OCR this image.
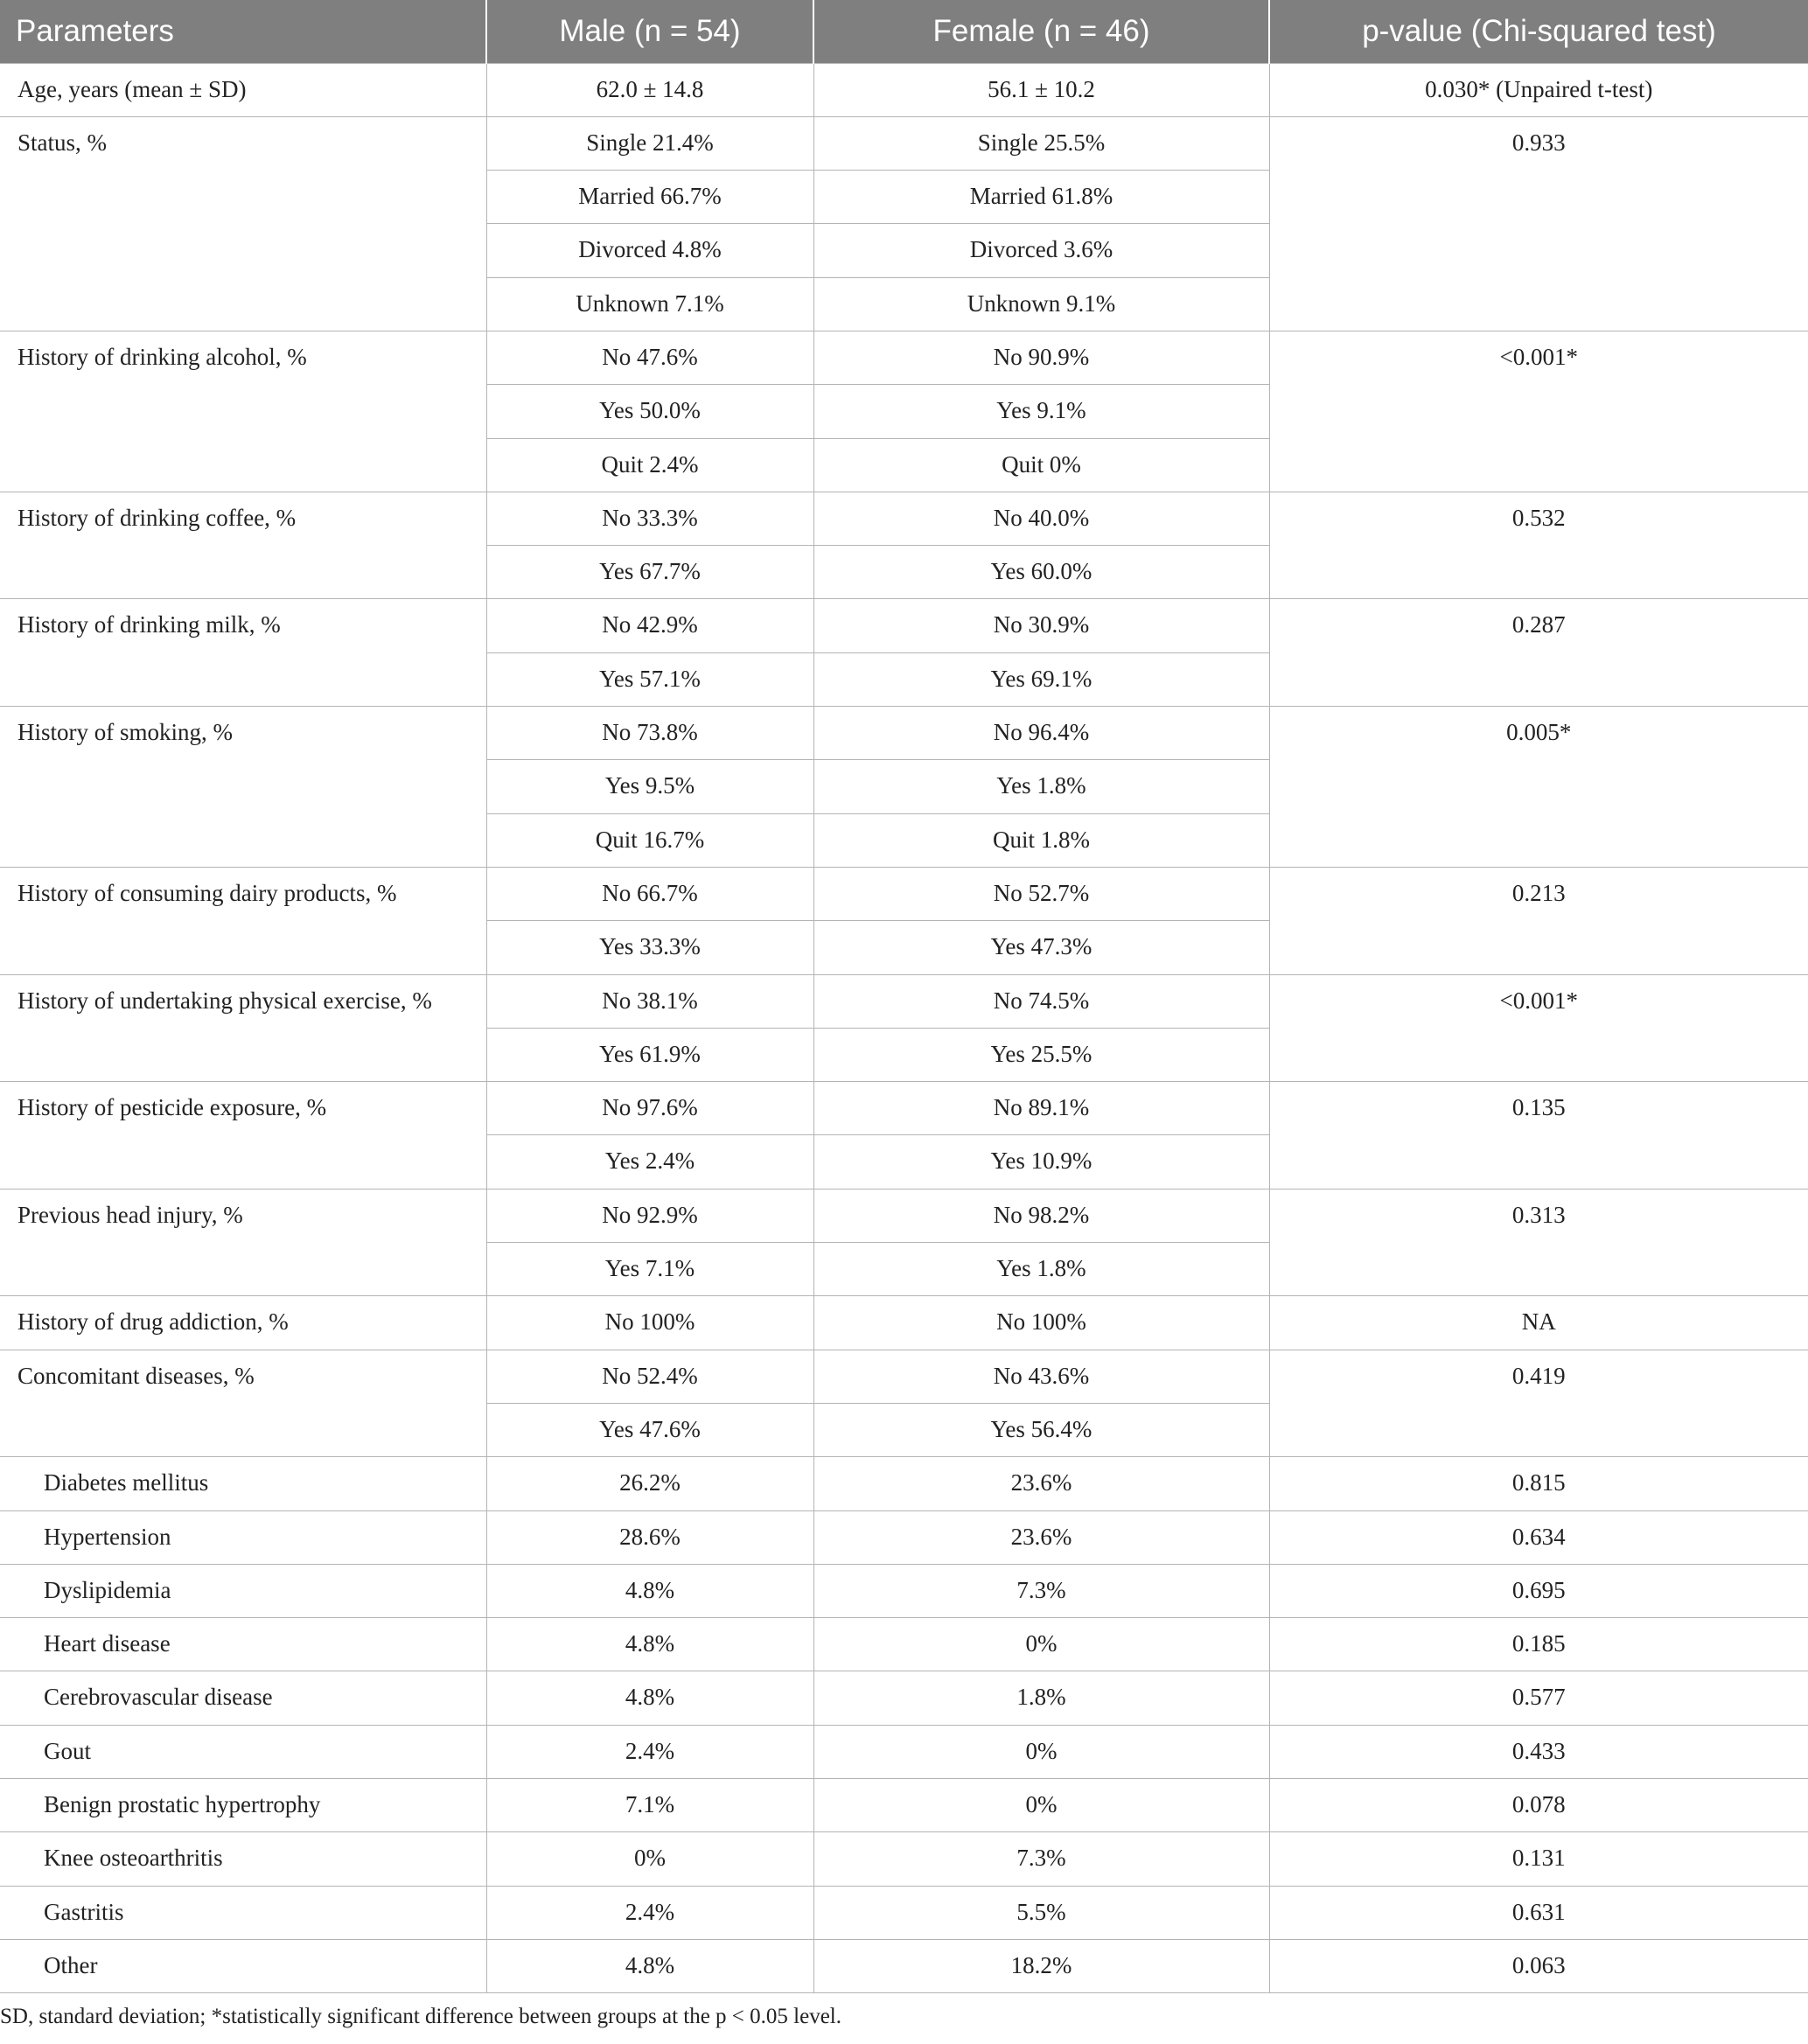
Parameters	Male (n = 54)	Female (n = 46)	p-value (Chi-squared test)
Age, years (mean ± SD)	62.0 ± 14.8	56.1 ± 10.2	0.030* (Unpaired t-test)
Status, %	Single 21.4%	Single 25.5%	0.933
	Married 66.7%	Married 61.8%	
	Divorced 4.8%	Divorced 3.6%	
	Unknown 7.1%	Unknown 9.1%	
History of drinking alcohol, %	No 47.6%	No 90.9%	<0.001*
	Yes 50.0%	Yes 9.1%	
	Quit 2.4%	Quit 0%	
History of drinking coffee, %	No 33.3%	No 40.0%	0.532
	Yes 67.7%	Yes 60.0%	
History of drinking milk, %	No 42.9%	No 30.9%	0.287
	Yes 57.1%	Yes 69.1%	
History of smoking, %	No 73.8%	No 96.4%	0.005*
	Yes 9.5%	Yes 1.8%	
	Quit 16.7%	Quit 1.8%	
History of consuming dairy products, %	No 66.7%	No 52.7%	0.213
	Yes 33.3%	Yes 47.3%	
History of undertaking physical exercise, %	No 38.1%	No 74.5%	<0.001*
	Yes 61.9%	Yes 25.5%	
History of pesticide exposure, %	No 97.6%	No 89.1%	0.135
	Yes 2.4%	Yes 10.9%	
Previous head injury, %	No 92.9%	No 98.2%	0.313
	Yes 7.1%	Yes 1.8%	
History of drug addiction, %	No 100%	No 100%	NA
Concomitant diseases, %	No 52.4%	No 43.6%	0.419
	Yes 47.6%	Yes 56.4%	
Diabetes mellitus	26.2%	23.6%	0.815
Hypertension	28.6%	23.6%	0.634
Dyslipidemia	4.8%	7.3%	0.695
Heart disease	4.8%	0%	0.185
Cerebrovascular disease	4.8%	1.8%	0.577
Gout	2.4%	0%	0.433
Benign prostatic hypertrophy	7.1%	0%	0.078
Knee osteoarthritis	0%	7.3%	0.131
Gastritis	2.4%	5.5%	0.631
Other	4.8%	18.2%	0.063
SD, standard deviation; *statistically significant difference between groups at the p < 0.05 level.
